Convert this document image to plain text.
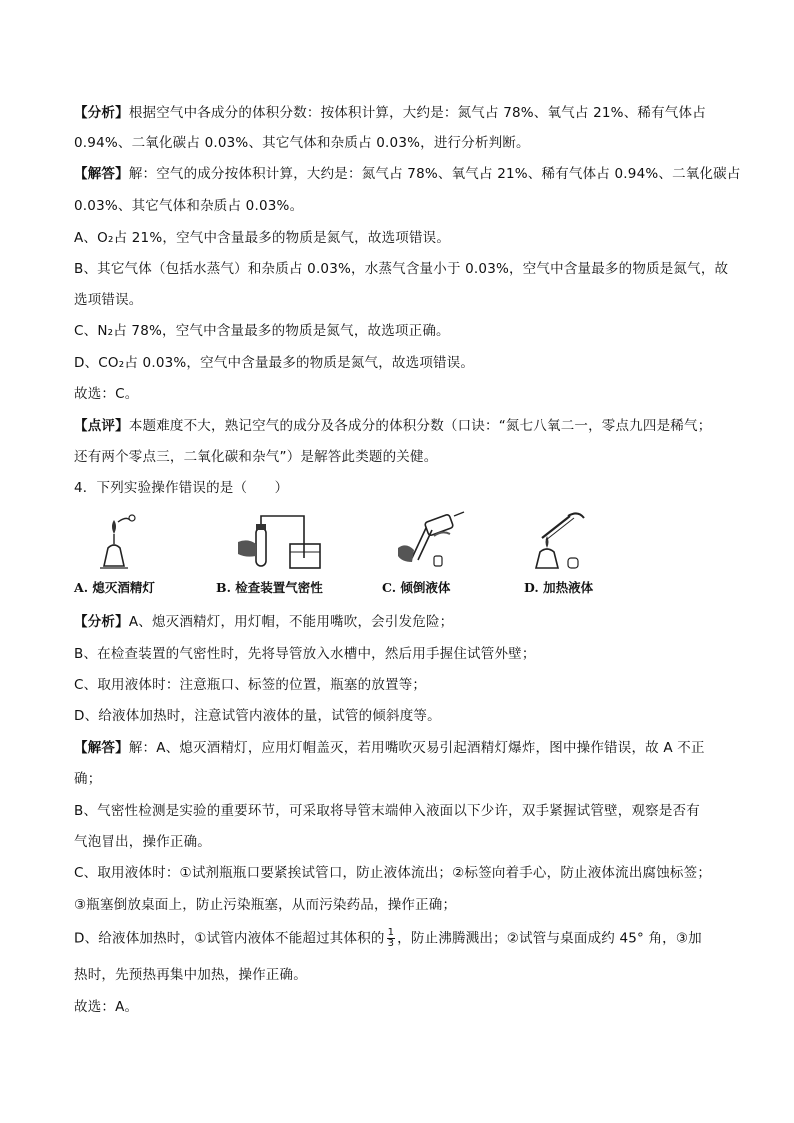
【分析】根据空气中各成分的体积分数：按体积计算，大约是：氮气占 78%、氧气占 21%、稀有气体占
0.94%、二氧化碳占 0.03%、其它气体和杂质占 0.03%，进行分析判断。
【解答】解：空气的成分按体积计算，大约是：氮气占 78%、氧气占 21%、稀有气体占 0.94%、二氧化碳占
0.03%、其它气体和杂质占 0.03%。
A、O₂占 21%，空气中含量最多的物质是氮气，故选项错误。
B、其它气体（包括水蒸气）和杂质占 0.03%，水蒸气含量小于 0.03%，空气中含量最多的物质是氮气，故
选项错误。
C、N₂占 78%，空气中含量最多的物质是氮气，故选项正确。
D、CO₂占 0.03%，空气中含量最多的物质是氮气，故选项错误。
故选：C。
【点评】本题难度不大，熟记空气的成分及各成分的体积分数（口诀：“氮七八氧二一，零点九四是稀气；
还有两个零点三，二氧化碳和杂气”）是解答此类题的关健。
4．下列实验操作错误的是（　　）
A. 熄灭酒精灯	B. 检查装置气密性	C. 倾倒液体	D. 加热液体
【分析】A、熄灭酒精灯，用灯帽，不能用嘴吹，会引发危险；
B、在检查装置的气密性时，先将导管放入水槽中，然后用手握住试管外壁；
C、取用液体时：注意瓶口、标签的位置，瓶塞的放置等；
D、给液体加热时，注意试管内液体的量，试管的倾斜度等。
【解答】解：A、熄灭酒精灯，应用灯帽盖灭，若用嘴吹灭易引起酒精灯爆炸，图中操作错误，故 A 不正
确；
B、气密性检测是实验的重要环节，可采取将导管末端伸入液面以下少许，双手紧握试管壁，观察是否有
气泡冒出，操作正确。
C、取用液体时：①试剂瓶瓶口要紧挨试管口，防止液体流出；②标签向着手心，防止液体流出腐蚀标签；
③瓶塞倒放桌面上，防止污染瓶塞，从而污染药品，操作正确；
D、给液体加热时，①试管内液体不能超过其体积的 $\frac{1}{3}$ ，防止沸腾溅出；②试管与桌面成约 45° 角，③加
热时，先预热再集中加热，操作正确。
故选：A。
